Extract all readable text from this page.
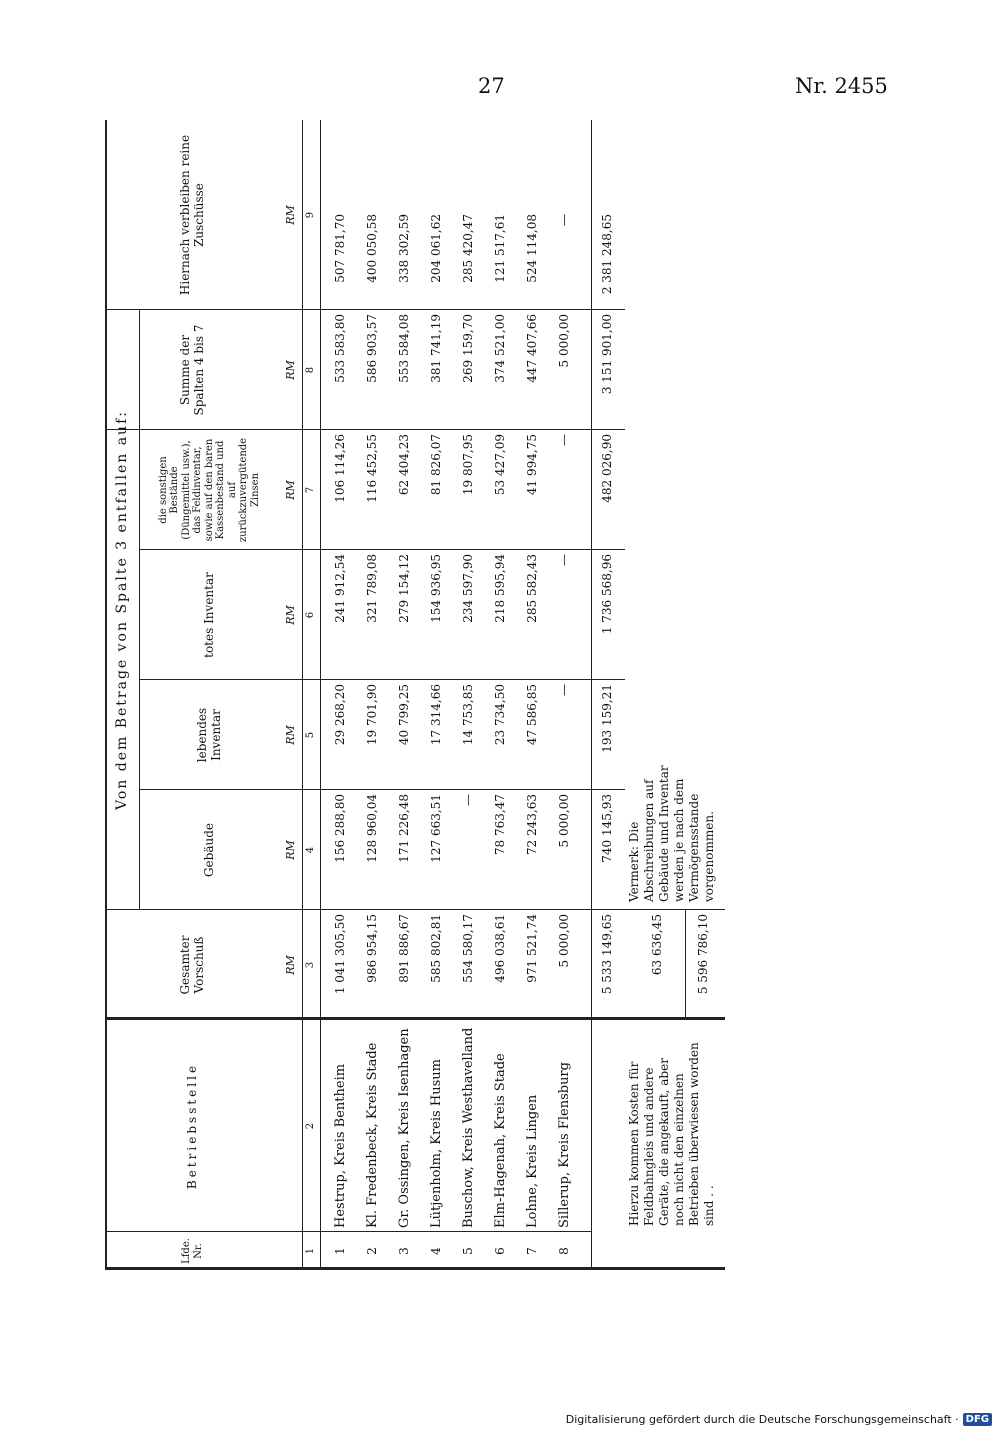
27	Nr. 2455
Von dem Betrage von Spalte 3 entfallen auf:
Lfde. Nr.
Betriebsstelle
Gesamter Vorschuß
Gebäude
lebendes Inventar
totes Inventar
die sonstigen Bestände (Düngemittel usw.), das Feldinventar, sowie auf den baren Kassenbestand und auf zurückzuvergütende Zinsen
Summe der Spalten 4 bis 7
Hiernach verbleiben reine Zuschüsse
RM
RM
RM
RM
RM
RM
RM
1
2
3
4
5
6
7
8
9
1
Hestrup, Kreis Bentheim
1 041 305,50
156 288,80
29 268,20
241 912,54
106 114,26
533 583,80
507 781,70
2
Kl. Fredenbeck, Kreis Stade
986 954,15
128 960,04
19 701,90
321 789,08
116 452,55
586 903,57
400 050,58
3
Gr. Ossingen, Kreis Isenhagen
891 886,67
171 226,48
40 799,25
279 154,12
62 404,23
553 584,08
338 302,59
4
Lütjenholm, Kreis Husum
585 802,81
127 663,51
17 314,66
154 936,95
81 826,07
381 741,19
204 061,62
5
Buschow, Kreis Westhavelland
554 580,17
—
14 753,85
234 597,90
19 807,95
269 159,70
285 420,47
6
Elm-Hagenah, Kreis Stade
496 038,61
78 763,47
23 734,50
218 595,94
53 427,09
374 521,00
121 517,61
7
Lohne, Kreis Lingen
971 521,74
72 243,63
47 586,85
285 582,43
41 994,75
447 407,66
524 114,08
8
Sillerup, Kreis Flensburg
5 000,00
5 000,00
—
—
—
5 000,00
—
5 533 149,65
740 145,93
193 159,21
1 736 568,96
482 026,90
3 151 901,00
2 381 248,65
Hierzu kommen Kosten für Feldbahngleis und andere Geräte, die angekauft, aber noch nicht den einzelnen Betrieben überwiesen worden sind . .
63 636,45	5 596 786,10
Vermerk: Die Abschreibungen auf Gebäude und Inventar werden je nach dem Vermögensstande vorgenommen.
Digitalisierung gefördert durch die Deutsche Forschungsgemeinschaft · DFG
